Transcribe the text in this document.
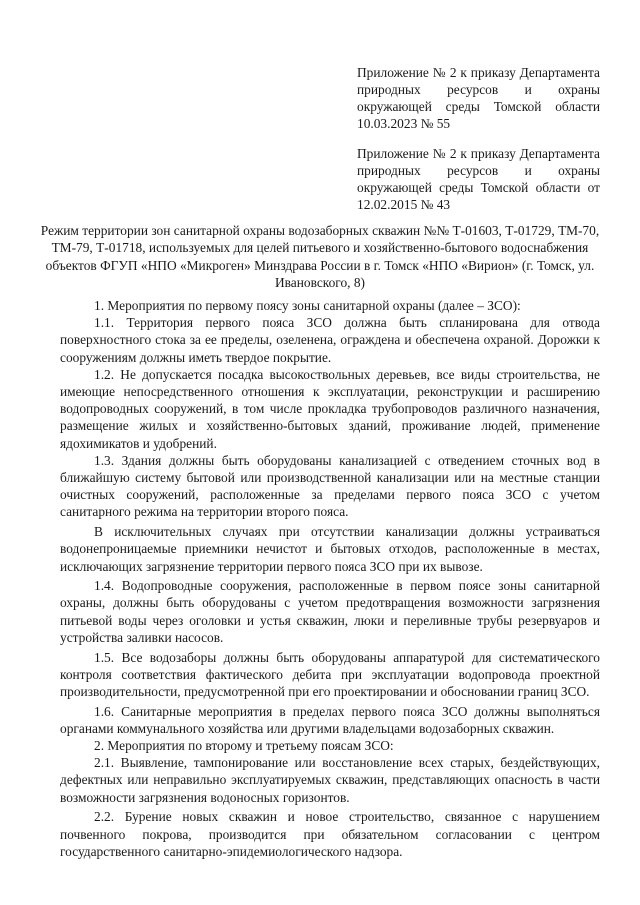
Приложение № 2 к приказу Департамента природных ресурсов и охраны окружающей среды Томской области 10.03.2023 № 55
Приложение № 2 к приказу Департамента природных ресурсов и охраны окружающей среды Томской области от 12.02.2015 № 43
Режим территории зон санитарной охраны водозаборных скважин №№ Т-01603, Т-01729, ТМ-70, ТМ-79, Т-01718, используемых для целей питьевого и хозяйственно-бытового водоснабжения объектов ФГУП «НПО «Микроген» Минздрава России в г. Томск «НПО «Вирион» (г. Томск, ул. Ивановского, 8)

1. Мероприятия по первому поясу зоны санитарной охраны (далее – ЗСО):

1.1. Территория первого пояса ЗСО должна быть спланирована для отвода поверхностного стока за ее пределы, озеленена, ограждена и обеспечена охраной. Дорожки к сооружениям должны иметь твердое покрытие.

1.2. Не допускается посадка высокоствольных деревьев, все виды строительства, не имеющие непосредственного отношения к эксплуатации, реконструкции и расширению водопроводных сооружений, в том числе прокладка трубопроводов различного назначения, размещение жилых и хозяйственно-бытовых зданий, проживание людей, применение ядохимикатов и удобрений.

1.3. Здания должны быть оборудованы канализацией с отведением сточных вод в ближайшую систему бытовой или производственной канализации или на местные станции очистных сооружений, расположенные за пределами первого пояса ЗСО с учетом санитарного режима на территории второго пояса.

В исключительных случаях при отсутствии канализации должны устраиваться водонепроницаемые приемники нечистот и бытовых отходов, расположенные в местах, исключающих загрязнение территории первого пояса ЗСО при их вывозе.

1.4. Водопроводные сооружения, расположенные в первом поясе зоны санитарной охраны, должны быть оборудованы с учетом предотвращения возможности загрязнения питьевой воды через оголовки и устья скважин, люки и переливные трубы резервуаров и устройства заливки насосов.

1.5. Все водозаборы должны быть оборудованы аппаратурой для систематического контроля соответствия фактического дебита при эксплуатации водопровода проектной производительности, предусмотренной при его проектировании и обосновании границ ЗСО.

1.6. Санитарные мероприятия в пределах первого пояса ЗСО должны выполняться органами коммунального хозяйства или другими владельцами водозаборных скважин.

2. Мероприятия по второму и третьему поясам ЗСО:

2.1. Выявление, тампонирование или восстановление всех старых, бездействующих, дефектных или неправильно эксплуатируемых скважин, представляющих опасность в части возможности загрязнения водоносных горизонтов.

2.2. Бурение новых скважин и новое строительство, связанное с нарушением почвенного покрова, производится при обязательном согласовании с центром государственного санитарно-эпидемиологического надзора.
